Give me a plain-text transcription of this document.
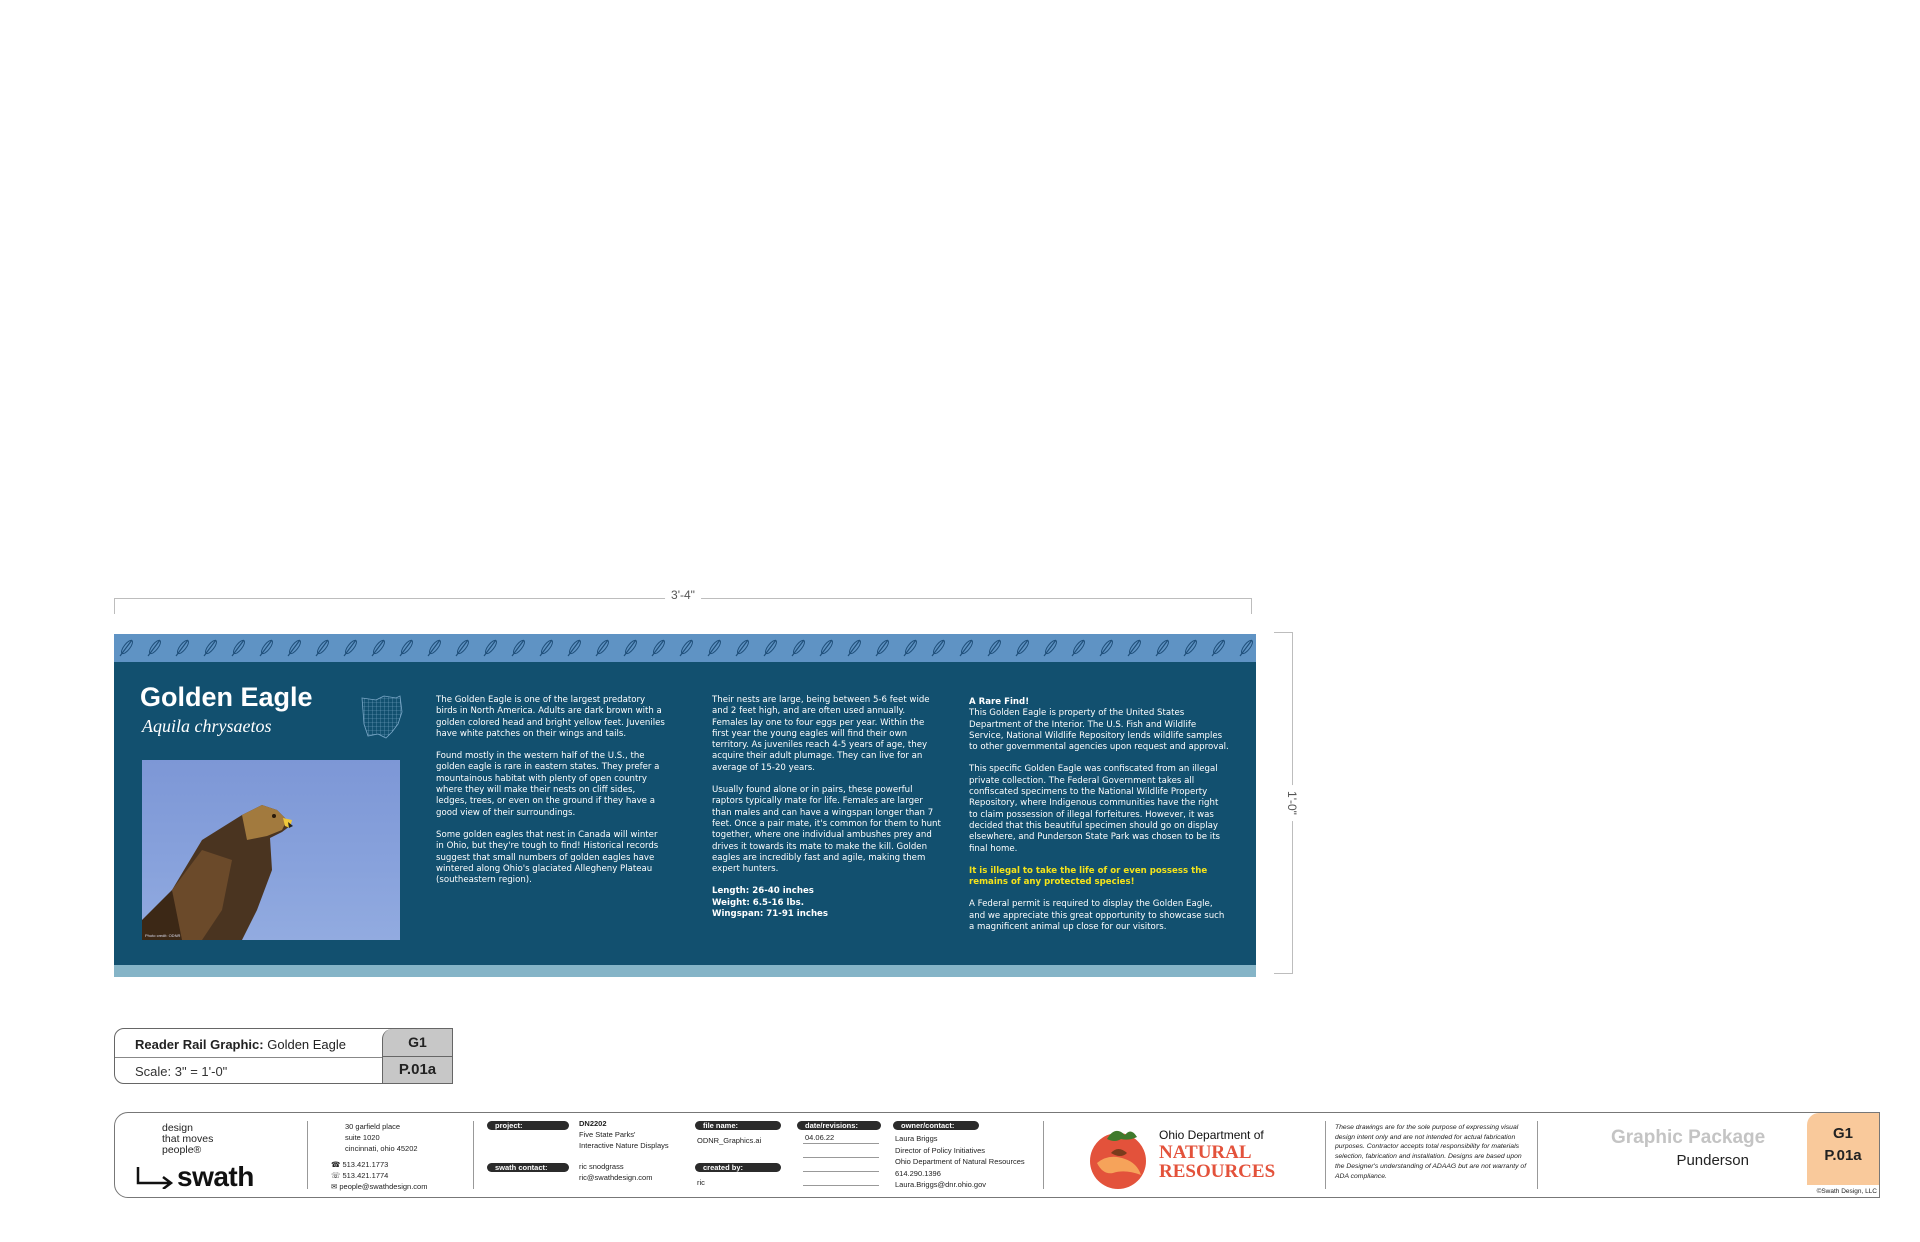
3'-4"
1'-0"
Golden Eagle
Aquila chrysaetos
Photo credit: ODNR

The Golden Eagle is one of the largest predatory birds in North America. Adults are dark brown with a golden colored head and bright yellow feet. Juveniles have white patches on their wings and tails.

Found mostly in the western half of the U.S., the golden eagle is rare in eastern states. They prefer a mountainous habitat with plenty of open country where they will make their nests on cliff sides, ledges, trees, or even on the ground if they have a good view of their surroundings.

Some golden eagles that nest in Canada will winter in Ohio, but they're tough to find! Historical records suggest that small numbers of golden eagles have wintered along Ohio's glaciated Allegheny Plateau (southeastern region).

Their nests are large, being between 5-6 feet wide and 2 feet high, and are often used annually. Females lay one to four eggs per year. Within the first year the young eagles will find their own territory. As juveniles reach 4-5 years of age, they acquire their adult plumage. They can live for an average of 15-20 years.

Usually found alone or in pairs, these powerful raptors typically mate for life. Females are larger than males and can have a wingspan longer than 7 feet. Once a pair mate, it's common for them to hunt together, where one individual ambushes prey and drives it towards its mate to make the kill. Golden eagles are incredibly fast and agile, making them expert hunters.

Length: 26-40 inches

Weight: 6.5-16 lbs.

Wingspan: 71-91 inches

A Rare Find!

This Golden Eagle is property of the United States Department of the Interior. The U.S. Fish and Wildlife Service, National Wildlife Repository lends wildlife samples to other governmental agencies upon request and approval.

This specific Golden Eagle was confiscated from an illegal private collection. The Federal Government takes all confiscated specimens to the National Wildlife Property Repository, where Indigenous communities have the right to claim possession of illegal forfeitures. However, it was decided that this beautiful specimen should go on display elsewhere, and Punderson State Park was chosen to be its final home.

It is illegal to take the life of or even possess the remains of any protected species!

A Federal permit is required to display the Golden Eagle, and we appreciate this great opportunity to showcase such a magnificent animal up close for our visitors.

Reader Rail Graphic: Golden Eagle
Scale: 3" = 1'-0"
G1
P.01a
design
that moves
people®
swath
30 garfield place
suite 1020
cincinnati, ohio 45202
☎ 513.421.1773
☏ 513.421.1774
✉ people@swathdesign.com
project:	DN2202
Five State Parks'
Interactive Nature Displays
swath contact:	ric snodgrass
ric@swathdesign.com
file name:
ODNR_Graphics.ai
created by:
ric
date/revisions:
04.06.22
owner/contact:
Laura Briggs
Director of Policy Initiatives
Ohio Department of Natural Resources
614.290.1396
Laura.Briggs@dnr.ohio.gov
Ohio Department of
NATURAL
RESOURCES
These drawings are for the sole purpose of expressing visual design intent only and are not intended for actual fabrication purposes. Contractor accepts total responsibility for materials selection, fabrication and installation. Designs are based upon the Designer's understanding of ADAAG but are not warranty of ADA compliance.
Graphic Package
Punderson
G1
P.01a
©Swath Design, LLC
